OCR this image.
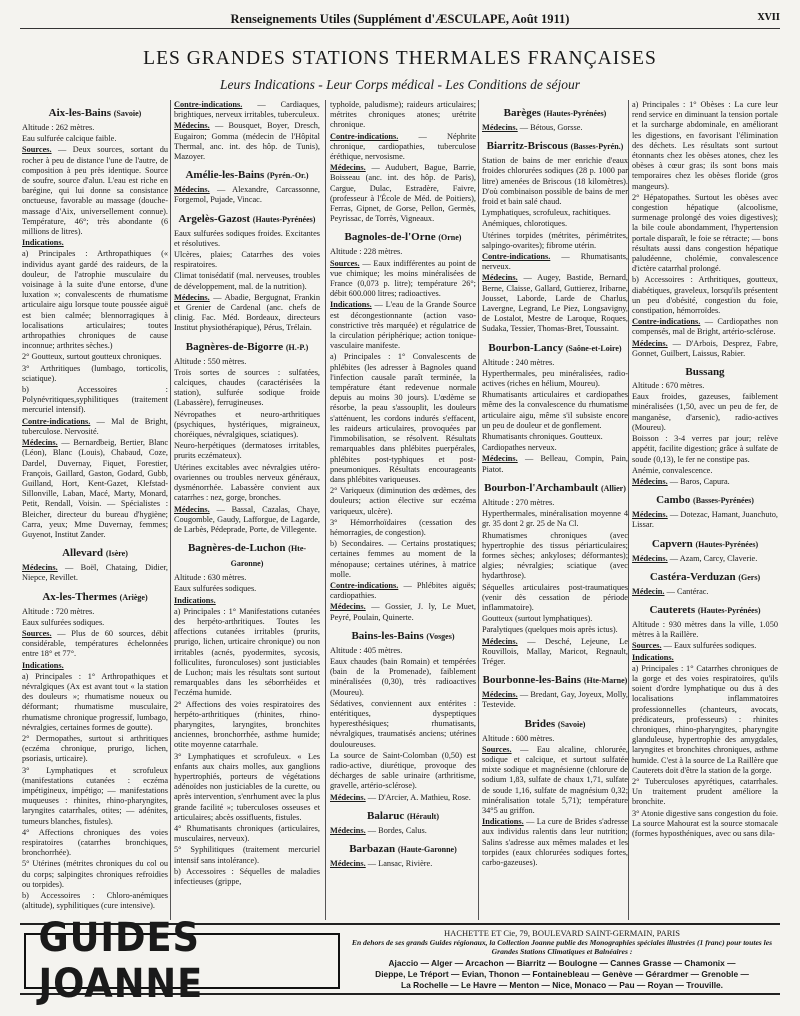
Renseignements Utiles (Supplément d'ÆSCULAPE, Août 1911)	XVII
LES GRANDES STATIONS THERMALES FRANÇAISES
Leurs Indications - Leur Corps médical - Les Conditions de séjour
Aix-les-Bains (Savoie)

Altitude : 262 mètres.

Eau sulfurée calcique faible.

Sources. — Deux sources, sortant du rocher à peu de distance l'une de l'autre, de composition à peu près identique. Source de soufre, source d'alun. L'eau est riche en barégine, qui lui donne sa consistance onctueuse, favorable au massage (douche-massage d'Aix, universellement connue). Température, 46°; très abondante (6 millions de litres).

Indications.

a) Principales : Arthropathiques (« individus ayant gardé des raideurs, de la douleur, de l'atrophie musculaire du voisinage à la suite d'une entorse, d'une luxation »; convalescents de rhumatisme articulaire aigu lorsque toute poussée aiguë est bien calmée; blennorragiques à localisations articulaires; toutes arthropathies chroniques de cause inconnue; arthrites sèches.)

2° Goutteux, surtout goutteux chroniques.

3° Arthritiques (lumbago, torticolis, sciatique).

b) Accessoires : Polynévritiques,syphilitiques (traitement mercuriel intensif).

Contre-indications. — Mal de Bright, tuberculose. Nervosité.

Médecins. — Bernardbeig, Bertier, Blanc (Léon), Blanc (Louis), Chabaud, Coze, Dardel, Duvernay, Fiquet, Forestier, François, Gaillard, Gaston, Godard, Gubb, Guilland, Hort, Kent-Gazet, Klefstad-Sillonville, Laban, Macé, Marty, Monard, Petit, Rendall, Voisin. — Spécialistes : Bleicher, directeur du bureau d'hygiène; Carra, yeux; Mme Duvernay, femmes; Guyenot, Institut Zander.

Allevard (Isère)

Médecins. — Boël, Chataing, Didier, Niepce, Revillet.

Ax-les-Thermes (Ariège)

Altitude : 720 mètres.

Eaux sulfurées sodiques.

Sources. — Plus de 60 sources, débit considérable, températures échelonnées entre 18° et 77°.

Indications.

a) Principales : 1° Arthropathiques et névralgiques (Ax est avant tout « la station des douleurs »; rhumatisme noueux ou déformant; rhumatisme musculaire, rhumatisme chronique progressif, lumbago, névralgies, certaines formes de goutte).

2° Dermopathes, surtout si arthritiques (eczéma chronique, prurigo, lichen, psoriasis, urticaire).

3° Lymphatiques et scrofuleux (manifestations cutanées : eczéma impétigineux, impétigo; — manifestations muqueuses : rhinites, rhino-pharyngites, laryngites catarrhales, otites; — adénites, tumeurs blanches, fistules).

4° Affections chroniques des voies respiratoires (catarrhes bronchiques, bronchorrhée).

5° Utérines (métrites chroniques du col ou du corps; salpingites chroniques refroidies ou torpides).

b) Accessoires : Chloro-anémiques (altitude), syphilitiques (cure intensive).

Contre-indications. — Cardiaques, brightiques, nerveux irritables, tuberculeux.

Médecins. — Bousquet, Boyer, Dresch, Eugairon; Gomma (médecin de l'Hôpital Thermal, anc. int. des hôp. de Tunis), Mazoyer.

Amélie-les-Bains (Pyrén.-Or.)

Médecins. — Alexandre, Carcassonne, Forgemol, Pujade, Vincac.

Argelès-Gazost (Hautes-Pyrénées)

Eaux sulfurées sodiques froides. Excitantes et résolutives.

Ulcères, plaies; Catarrhes des voies respiratoires.

Climat tonisédatif (mal. nerveuses, troubles de développement, mal. de la nutrition).

Médecins. — Abadie, Bergugnat, Frankin et Grenier de Cardenal (anc. chefs de clinig. Fac. Méd. Bordeaux, directeurs Institut physiothérapique), Pérus, Trélain.

Bagnères-de-Bigorre (H.-P.)

Altitude : 550 mètres.

Trois sortes de sources : sulfatées, calciques, chaudes (caractérisées la station), sulfurée sodique froide (Labassère), ferrugineuses.

Névropathes et neuro-arthritiques (psychiques, hystériques, migraineux, choréiques, névralgiques, sciatiques).

Neuro-herpétiques (dermatoses irritables, prurits eczémateux).

Utérines excitables avec névralgies utéro-ovariennes ou troubles nerveux généraux, dysménorrhée. Labassère convient aux catarrhes : nez, gorge, bronches.

Médecins. — Bassal, Cazalas, Chaye, Cougomble, Gaudy, Lafforgue, de Lagarde, de Larbès, Pédeprade, Porte, de Villegente.

Bagnères-de-Luchon (Hte-Garonne)

Altitude : 630 mètres.

Eaux sulfurées sodiques.

Indications.

a) Principales : 1° Manifestations cutanées des herpéto-arthritiques. Toutes les affections cutanées irritables (prurits, prurigo, lichen, urticaire chronique) ou non irritables (acnés, pyodermites, sycosis, folliculites, furonculoses) sont justiciables de Luchon; mais les résultats sont surtout remarquables dans les séborrhéides et l'eczéma humide.

2° Affections des voies respiratoires des herpéto-arthritiques (rhinites, rhino-pharyngites, laryngites, bronchites anciennes, bronchorrhée, asthme humide; otite moyenne catarrhale.

3° Lymphatiques et scrofuleux. « Les enfants aux chairs molles, aux ganglions hypertrophiés, porteurs de végétations adénoïdes non justiciables de la curette, ou après intervention, s'enrhument avec la plus grande facilité »; tuberculoses osseuses et articulaires; abcès ossifluents, fistules.

4° Rhumatisants chroniques (articulaires, musculaires, nerveux).

5° Syphilitiques (traitement mercuriel intensif sans intolérance).

b) Accessoires : Séquelles de maladies infectieuses (grippe,

typhoïde, paludisme); raideurs articulaires; métrites chroniques atones; urétrite chronique.

Contre-indications. — Néphrite chronique, cardiopathies, tuberculose éréthique, nervosisme.

Médecins. — Audubert, Bague, Barrie, Boisseau (anc. int. des hôp. de Paris), Cargue, Dulac, Estradère, Faivre, (professeur à l'École de Méd. de Poitiers), Ferras, Gipnet, de Gorse, Pellon, Germès, Peyrissac, de Torrès, Vigneaux.

Bagnoles-de-l'Orne (Orne)

Altitude : 228 mètres.

Sources. — Eaux indifférentes au point de vue chimique; les moins minéralisées de France (0,073 p. litre); température 26°; débit 600.000 litres; radioactives.

Indications. — L'eau de la Grande Source est décongestionnante (action vaso-constrictive très marquée) et régulatrice de la circulation périphérique; action tonique-vasculaire manifeste.

a) Principales : 1° Convalescents de phlébites (les adresser à Bagnoles quand l'infection causale paraît terminée, la température étant redevenue normale depuis au moins 30 jours). L'œdème se résorbe, la peau s'assouplit, les douleurs s'atténuent, les cordons indurés s'effacent, les raideurs articulaires, provoquées par l'immobilisation, se résolvent. Résultats remarquables dans phlébites puerpérales, phlébites post-typhiques et post-pneumoniques. Résultats encourageants dans phlébites variqueuses.

2° Variqueux (diminution des œdèmes, des douleurs; action élective sur eczéma variqueux, ulcère).

3° Hémorrhoïdaires (cessation des hémorragies, de congestion).

b) Secondaires. — Certains prostatiques; certaines femmes au moment de la ménopause; certaines utérines, à matrice molle.

Contre-indications. — Phlébites aiguës; cardiopathies.

Médecins. — Gossier, J. ly, Le Muet, Peyré, Poulain, Quinerte.

Bains-les-Bains (Vosges)

Altitude : 405 mètres.

Eaux chaudes (bain Romain) et tempérées (bain de la Promenade), faiblement minéralisées (0,30), très radioactives (Moureu).

Sédatives, conviennent aux entérites : entéritiques, dyspeptiques hyperesthésiques; rhumatisants, névralgiques, traumatisés anciens; utérines douloureuses.

La source de Saint-Colomban (0,50) est radio-active, diurétique, provoque des décharges de sable urinaire (arthritisme, gravelle, artério-sclérose).

Médecins. — D'Arcier, A. Mathieu, Rose.

Balaruc (Hérault)

Médecins. — Bordes, Calus.

Barbazan (Haute-Garonne)

Médecins. — Lansac, Rivière.

Barèges (Hautes-Pyrénées)

Médecins. — Bétous, Gorsse.

Biarritz-Briscous (Basses-Pyrén.)

Station de bains de mer enrichie d'eaux froides chlorurées sodiques (28 p. 1000 par litre) amenées de Briscous (18 kilomètres). D'où combinaison possible de bains de mer froid et bain salé chaud.

Lymphatiques, scrofuleux, rachitiques.

Anémiques, chlorotiques.

Utérines torpides (métrites, périmétrites, salpingo-ovarites); fibrome utérin.

Contre-indications. — Rhumatisants, nerveux.

Médecins. — Augey, Bastide, Bernard, Berne, Claisse, Gallard, Guttierez, Iribarne, Jousset, Laborde, Larde de Charlus, Lavergne, Legrand, Le Piez, Longsavigny, de Lostalot, Mestre de Laroque, Roques, Sudaka, Tessier, Thomas-Bret, Toussaint.

Bourbon-Lancy (Saône-et-Loire)

Altitude : 240 mètres.

Hyperthermales, peu minéralisées, radio-actives (riches en hélium, Moureu).

Rhumatisants articulaires et cardiopathes même des la convalescence du rhumatisme articulaire aigu, même s'il subsiste encore un peu de douleur et de gonflement.

Rhumatisants chroniques. Goutteux.

Cardiopathes nerveux.

Médecins. — Belleau, Compin, Pain, Piatot.

Bourbon-l'Archambault (Allier)

Altitude : 270 mètres.

Hyperthermales, minéralisation moyenne 4 gr. 35 dont 2 gr. 25 de Na Cl.

Rhumatismes chroniques (avec hypertrophie des tissus périarticulaires; formes sèches; ankyloses; déformantes); algies; névralgies; sciatique (avec hydarthrose).

Séquelles articulaires post-traumatiques (venir dès cessation de période inflammatoire).

Goutteux (surtout lymphatiques).

Paralytiques (quelques mois après ictus).

Médecins. — Desché, Lejeune, Le Rouvillois, Mallay, Maricot, Regnault, Tréger.

Bourbonne-les-Bains (Hte-Marne)

Médecins. — Bredant, Gay, Joyeux, Molly, Testevide.

Brides (Savoie)

Altitude : 600 mètres.

Sources. — Eau alcaline, chlorurée, sodique et calcique, et surtout sulfatée mixte sodique et magnésienne (chlorure de sodium 1,83, sulfate de chaux 1,71, sulfate de soude 1,16, sulfate de magnésium 0,32; minéralisation totale 5,71); température 34°5 au griffon.

Indications. — La cure de Brides s'adresse aux individus ralentis dans leur nutrition; Salins s'adresse aux mêmes malades et les torpides (eaux chlorurées sodiques fortes, carbo-gazeuses).

a) Principales : 1° Obèses : La cure leur rend service en diminuant la tension portale et la surcharge abdominale, en améliorant les digestions, en favorisant l'élimination des déchets. Les résultats sont surtout étonnants chez les obèses atones, chez les obèses à cœur gras; ils sont bons mais temporaires chez les obèses floride (gros mangeurs).

2° Hépatopathes. Surtout les obèses avec congestion hépatique (alcoolisme, surmenage prolongé des voies digestives); la bile coule abondamment, l'hypertension portale disparaît, le foie se rétracte; — bons résultats aussi dans congestion hépatique paludéenne, cholémie, convalescence d'ictère catarrhal prolongé.

b) Accessoires : Arthritiques, goutteux, diabétiques, graveleux, lorsqu'ils présentent un peu d'obésité, congestion du foie, constipation, hémorroïdes.

Contre-indications. — Cardiopathes non compensés, mal de Bright, artério-sclérose.

Médecins. — D'Arbois, Desprez, Fabre, Gonnet, Guilbert, Laissus, Rabier.

Bussang

Altitude : 670 mètres.

Eaux froides, gazeuses, faiblement minéralisées (1,50, avec un peu de fer, de manganèse, d'arsenic), radio-actives (Moureu).

Boisson : 3-4 verres par jour; relève appétit, facilite digestion; grâce à sulfate de soude (0,13), le fer ne constipe pas.

Anémie, convalescence.

Médecins. — Baros, Capura.

Cambo (Basses-Pyrénées)

Médecins. — Dotezac, Hamant, Juanchuto, Lissar.

Capvern (Hautes-Pyrénées)

Médecins. — Azam, Carcy, Claverie.

Castéra-Verduzan (Gers)

Médecin. — Cantérac.

Cauterets (Hautes-Pyrénées)

Altitude : 930 mètres dans la ville, 1.050 mètres à la Raillère.

Sources. — Eaux sulfurées sodiques.

Indications.

a) Principales : 1° Catarrhes chroniques de la gorge et des voies respiratoires, qu'ils soient d'ordre lymphatique ou dus à des localisations inflammatoires professionnelles (chanteurs, avocats, prédicateurs, professeurs) : rhinites chroniques, rhino-pharyngites, pharyngite glanduleuse, hypertrophie des amygdales, laryngites et bronchites chroniques, asthme humide. C'est à la source de La Raillère que Cauterets doit d'être la station de la gorge.

2° Tuberculoses apyrétiques, catarrhales. Un traitement prudent améliore la bronchite.

3° Atonie digestive sans congestion du foie. La source Mahourat est la source stomacale (formes hyposthéniques, avec ou sans dila-

GUIDES JOANNE
HACHETTE ET Cie, 79, BOULEVARD SAINT-GERMAIN, PARIS
En dehors de ses grands Guides régionaux, la Collection Joanne publie des Monographies spéciales illustrées (1 franc) pour toutes les Grandes Stations Climatiques et Balnéaires :
Ajaccio — Alger — Arcachon — Biarritz — Boulogne — Cannes Grasse — Chamonix —
Dieppe, Le Tréport — Evian, Thonon — Fontainebleau — Genève — Gérardmer — Grenoble —
La Rochelle — Le Havre — Menton — Nice, Monaco — Pau — Royan — Trouville.
